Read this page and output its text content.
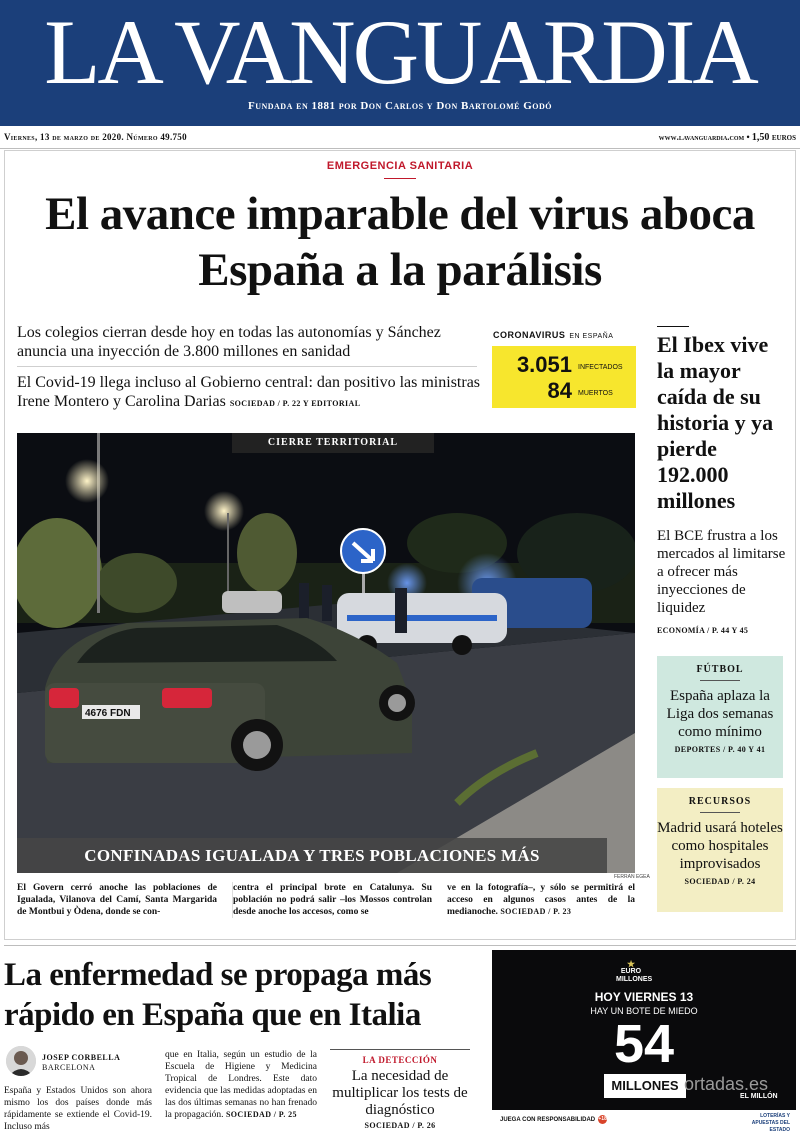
LA VANGUARDIA
Fundada en 1881 por Don Carlos y Don Bartolomé Godó
Viernes, 13 de marzo de 2020. Número 49.750	www.lavanguardia.com • 1,50 euros
EMERGENCIA SANITARIA
El avance imparable del virus aboca España a la parálisis
Los colegios cierran desde hoy en todas las autonomías y Sánchez anuncia una inyección de 3.800 millones en sanidad
El Covid-19 llega incluso al Gobierno central: dan positivo las ministras Irene Montero y Carolina Darias SOCIEDAD / P. 22 Y EDITORIAL
CORONAVIRUS EN ESPAÑA
3.051 INFECTADOS
84 MUERTOS
4676 FDN
CIERRE TERRITORIAL
CONFINADAS IGUALADA Y TRES POBLACIONES MÁS
FERRAN EGEA
El Govern cerró anoche las poblaciones de Igualada, Vilanova del Camí, Santa Margarida de Montbui y Òdena, donde se con-
centra el principal brote en Catalunya. Su población no podrá salir –los Mossos controlan desde anoche los accesos, como se
ve en la fotografía–, y sólo se permitirá el acceso en algunos casos antes de la medianoche. SOCIEDAD / P. 23
El Ibex vive la mayor caída de su historia y ya pierde 192.000 millones
El BCE frustra a los mercados al limitarse a ofrecer más inyecciones de liquidez
ECONOMÍA / P. 44 Y 45
FÚTBOL
España aplaza la Liga dos semanas como mínimo
DEPORTES / P. 40 Y 41
RECURSOS
Madrid usará hoteles como hospitales improvisados
SOCIEDAD / P. 24
La enfermedad se propaga más rápido en España que en Italia
JOSEP CORBELLA
BARCELONA
España y Estados Unidos son ahora mismo los dos países donde más rápidamente se extiende el Covid-19. Incluso más
que en Italia, según un estudio de la Escuela de Higiene y Medicina Tropical de Londres. Este dato evidencia que las medidas adoptadas en las dos últimas semanas no han frenado la propagación. SOCIEDAD / P. 25
LA DETECCIÓN
La necesidad de multiplicar los tests de diagnóstico
SOCIEDAD / P. 26
★
EURO
MILLONES
HOY VIERNES 13
HAY UN BOTE DE MIEDO
54
MILLONES ortadas.es
EL MILLÓN
JUEGA CON RESPONSABILIDAD +18	LOTERÍAS Y APUESTAS DEL ESTADO
